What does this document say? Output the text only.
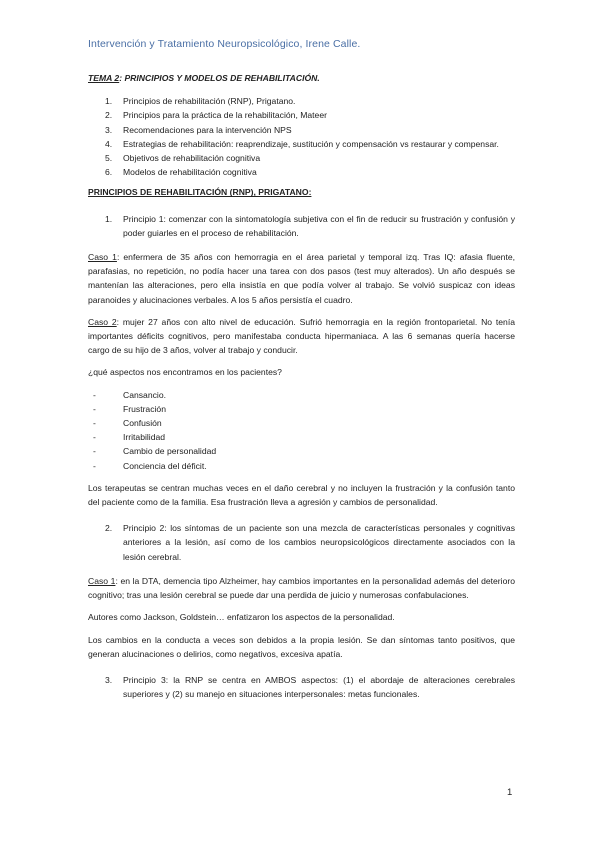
Intervención y Tratamiento Neuropsicológico, Irene Calle.

TEMA 2: PRINCIPIOS Y MODELOS DE REHABILITACIÓN.

1.	Principios de rehabilitación (RNP), Prigatano.
2.	Principios para la práctica de la rehabilitación, Mateer
3.	Recomendaciones para la intervención NPS
4.	Estrategias de rehabilitación: reaprendizaje, sustitución y compensación vs restaurar y compensar.
5.	Objetivos de rehabilitación cognitiva
6.	Modelos de rehabilitación cognitiva

PRINCIPIOS DE REHABILITACIÓN (RNP), PRIGATANO:

1.	Principio 1: comenzar con la sintomatología subjetiva con el fin de reducir su frustración y confusión y poder guiarles en el proceso de rehabilitación.

Caso 1: enfermera de 35 años con hemorragia en el área parietal y temporal izq. Tras IQ: afasia fluente, parafasias, no repetición, no podía hacer una tarea con dos pasos (test muy alterados). Un año después se mantenían las alteraciones, pero ella insistía en que podía volver al trabajo. Se volvió suspicaz con ideas paranoides y alucinaciones verbales. A los 5 años persistía el cuadro.

Caso 2: mujer 27 años con alto nivel de educación. Sufrió hemorragia en la región frontoparietal. No tenía importantes déficits cognitivos, pero manifestaba conducta hipermaniaca. A las 6 semanas quería hacerse cargo de su hijo de 3 años, volver al trabajo y conducir.

¿qué aspectos nos encontramos en los pacientes?

-	Cansancio.
-	Frustración
-	Confusión
-	Irritabilidad
-	Cambio de personalidad
-	Conciencia del déficit.

Los terapeutas se centran muchas veces en el daño cerebral y no incluyen la frustración y la confusión tanto del paciente como de la familia. Esa frustración lleva a agresión y cambios de personalidad.

2.	Principio 2: los síntomas de un paciente son una mezcla de características personales y cognitivas anteriores a la lesión, así como de los cambios neuropsicológicos directamente asociados con la lesión cerebral.

Caso 1: en la DTA, demencia tipo Alzheimer, hay cambios importantes en la personalidad además del deterioro cognitivo; tras una lesión cerebral se puede dar una perdida de juicio y numerosas confabulaciones.

Autores como Jackson, Goldstein… enfatizaron los aspectos de la personalidad.

Los cambios en la conducta a veces son debidos a la propia lesión. Se dan síntomas tanto positivos, que generan alucinaciones o delirios, como negativos, excesiva apatía.

3.	Principio 3: la RNP se centra en AMBOS aspectos: (1) el abordaje de alteraciones cerebrales superiores y (2) su manejo en situaciones interpersonales: metas funcionales.
1
